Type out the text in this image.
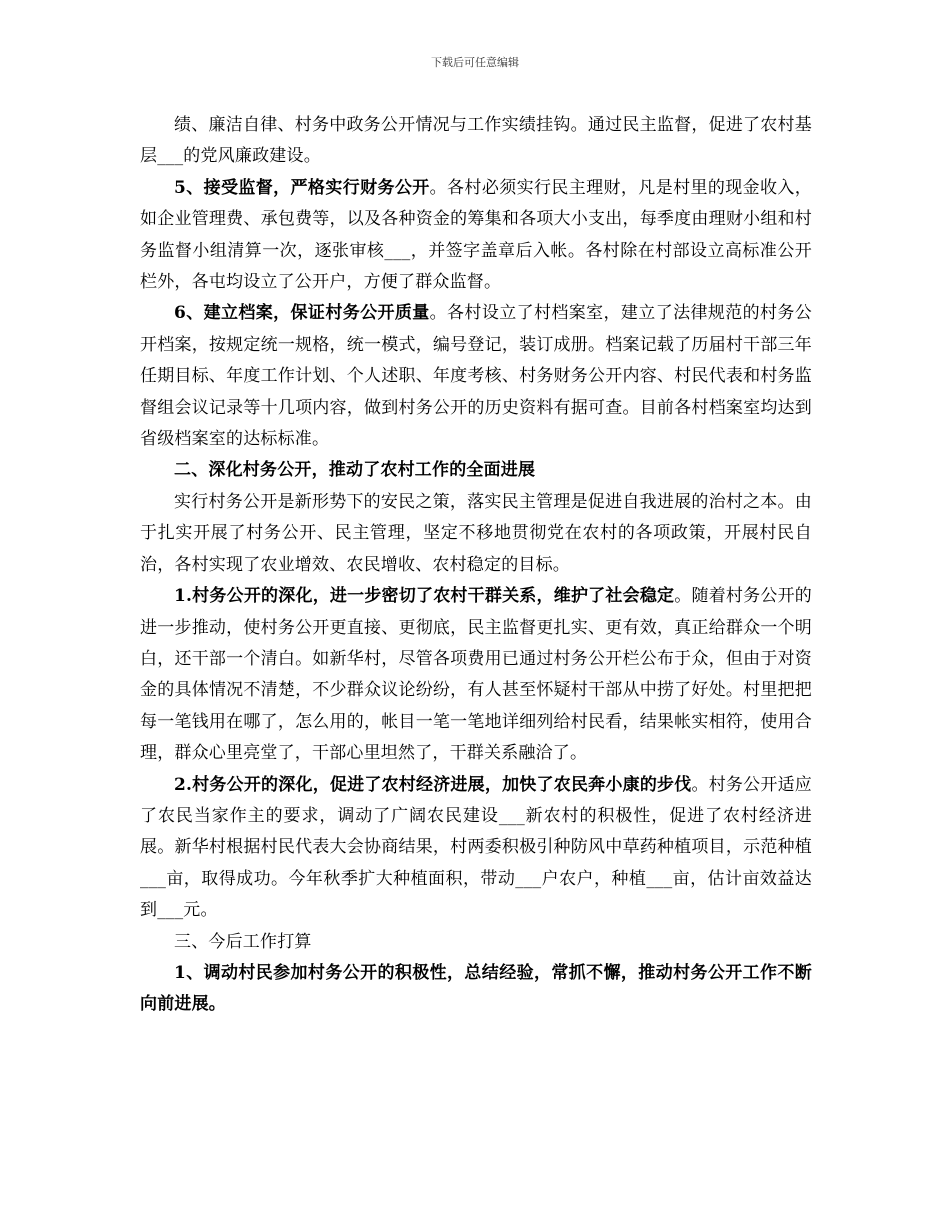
下载后可任意编辑

绩、廉洁自律、村务中政务公开情况与工作实绩挂钩。通过民主监督，促进了农村基层___的党风廉政建设。

5、接受监督，严格实行财务公开。各村必须实行民主理财，凡是村里的现金收入，如企业管理费、承包费等，以及各种资金的筹集和各项大小支出，每季度由理财小组和村务监督小组清算一次，逐张审核___，并签字盖章后入帐。各村除在村部设立高标准公开栏外，各屯均设立了公开户，方便了群众监督。

6、建立档案，保证村务公开质量。各村设立了村档案室，建立了法律规范的村务公开档案，按规定统一规格，统一模式，编号登记，装订成册。档案记载了历届村干部三年任期目标、年度工作计划、个人述职、年度考核、村务财务公开内容、村民代表和村务监督组会议记录等十几项内容，做到村务公开的历史资料有据可查。目前各村档案室均达到省级档案室的达标标准。

二、深化村务公开，推动了农村工作的全面进展

实行村务公开是新形势下的安民之策，落实民主管理是促进自我进展的治村之本。由于扎实开展了村务公开、民主管理，坚定不移地贯彻党在农村的各项政策，开展村民自治，各村实现了农业增效、农民增收、农村稳定的目标。

1.村务公开的深化，进一步密切了农村干群关系，维护了社会稳定。随着村务公开的进一步推动，使村务公开更直接、更彻底，民主监督更扎实、更有效，真正给群众一个明白，还干部一个清白。如新华村，尽管各项费用已通过村务公开栏公布于众，但由于对资金的具体情况不清楚，不少群众议论纷纷，有人甚至怀疑村干部从中捞了好处。村里把把每一笔钱用在哪了，怎么用的，帐目一笔一笔地详细列给村民看，结果帐实相符，使用合理，群众心里亮堂了，干部心里坦然了，干群关系融洽了。

2.村务公开的深化，促进了农村经济进展，加快了农民奔小康的步伐。村务公开适应了农民当家作主的要求，调动了广阔农民建设___新农村的积极性，促进了农村经济进展。新华村根据村民代表大会协商结果，村两委积极引种防风中草药种植项目，示范种植___亩，取得成功。今年秋季扩大种植面积，带动___户农户，种植___亩，估计亩效益达到___元。

三、今后工作打算

1、调动村民参加村务公开的积极性，总结经验，常抓不懈，推动村务公开工作不断向前进展。
